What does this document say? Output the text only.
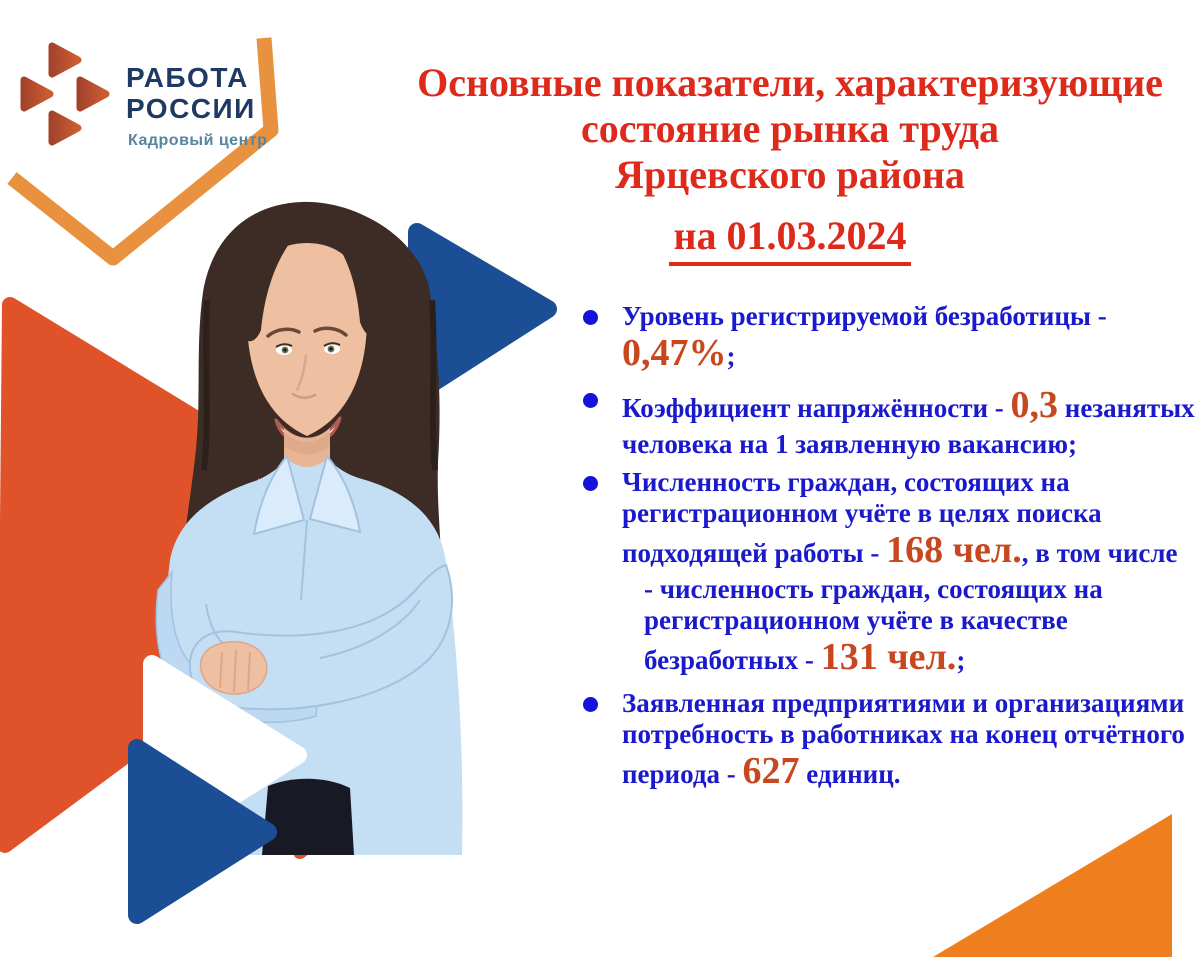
РАБОТА
РОССИИ
Кадровый центр
Основные показатели, характеризующие
состояние рынка труда
Ярцевского района
на 01.03.2024
Уровень регистрируемой безработицы -
0,47%;
Коэффициент напряжённости - 0,3 незанятых
человека на 1 заявленную вакансию;
Численность граждан, состоящих на
регистрационном учёте в целях поиска
подходящей работы - 168 чел., в том числе
- численность граждан, состоящих на
регистрационном учёте в качестве
безработных - 131 чел.;
Заявленная предприятиями и организациями
потребность в работниках на конец отчётного
периода - 627 единиц.
